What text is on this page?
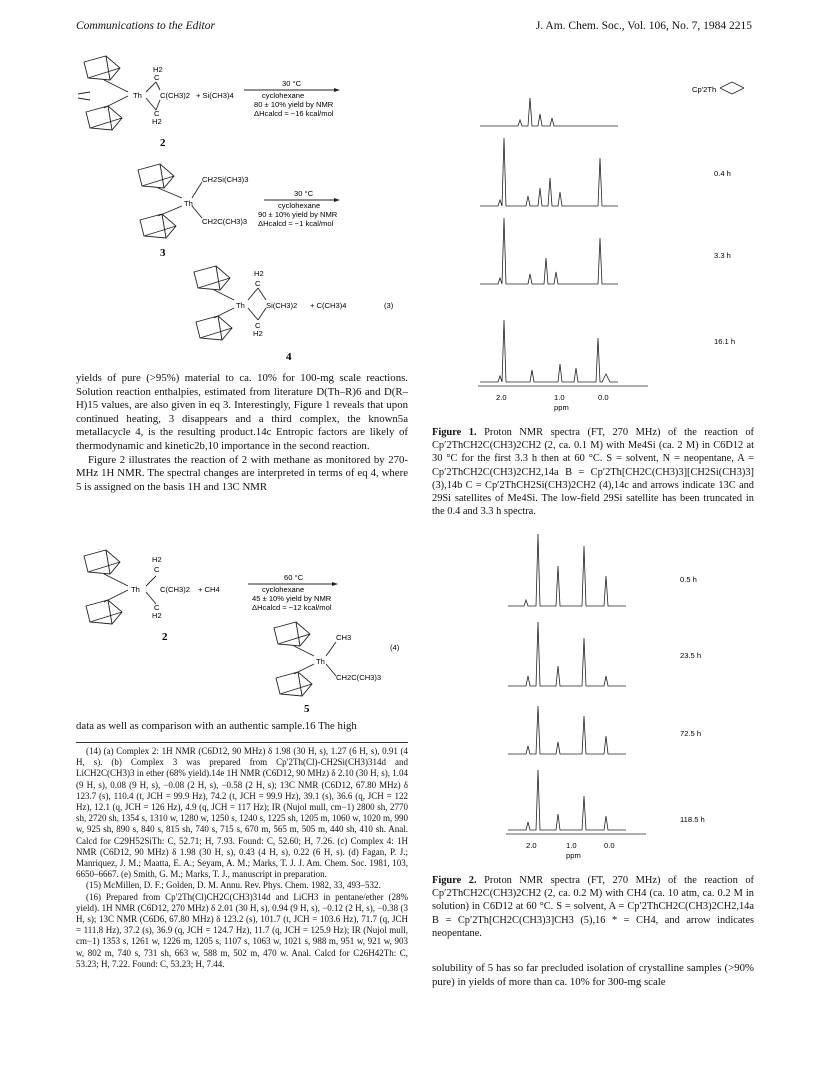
Communications to the Editor	J. Am. Chem. Soc., Vol. 106, No. 7, 1984 2215
Th
H2
C
C
H2
C(CH3)2 + Si(CH3)4
30 °C
cyclohexane
80 ± 10% yield by NMR
ΔHcalcd ≈ −16 kcal/mol
2
Th
CH2Si(CH3)3
CH2C(CH3)3
30 °C
cyclohexane
90 ± 10% yield by NMR
ΔHcalcd ≈ −1 kcal/mol
3
Th
H2
C
C
H2
Si(CH3)2 + C(CH3)4	(3)
4

yields of pure (>95%) material to ca. 10% for 100-mg scale reactions. Solution reaction enthalpies, estimated from literature D(Th–R)6 and D(R–H)15 values, are also given in eq 3. Interestingly, Figure 1 reveals that upon continued heating, 3 disappears and a third complex, the known5a metallacycle 4, is the resulting product.14c Entropic factors are likely of thermodynamic and kinetic2b,10 importance in the second reaction.

Figure 2 illustrates the reaction of 2 with methane as monitored by 270-MHz 1H NMR. The spectral changes are interpreted in terms of eq 4, where 5 is assigned on the basis 1H and 13C NMR

Th
H2
C
C
H2
C(CH3)2 + CH4
60 °C
cyclohexane
45 ± 10% yield by NMR
ΔHcalcd ≈ −12 kcal/mol
2
Th
CH3
CH2C(CH3)3
(4)
5

data as well as comparison with an authentic sample.16 The high

(14) (a) Complex 2: 1H NMR (C6D12, 90 MHz) δ 1.98 (30 H, s), 1.27 (6 H, s), 0.91 (4 H, s). (b) Complex 3 was prepared from Cp′2Th(Cl)-CH2Si(CH3)314d and LiCH2C(CH3)3 in ether (68% yield).14e 1H NMR (C6D12, 90 MHz) δ 2.10 (30 H, s), 1.04 (9 H, s), 0.08 (9 H, s), −0.08 (2 H, s), −0.58 (2 H, s); 13C NMR (C6D12, 67.80 MHz) δ 123.7 (s), 110.4 (t, JCH = 99.9 Hz), 74.2 (t, JCH = 99.9 Hz), 39.1 (s), 36.6 (q, JCH = 122 Hz), 12.1 (q, JCH = 126 Hz), 4.9 (q, JCH = 117 Hz); IR (Nujol mull, cm−1) 2800 sh, 2770 sh, 2720 sh, 1354 s, 1310 w, 1280 w, 1250 s, 1240 s, 1225 sh, 1205 m, 1060 w, 1020 m, 990 w, 925 sh, 890 s, 840 s, 815 sh, 740 s, 715 s, 670 m, 565 m, 505 m, 440 sh, 410 sh. Anal. Calcd for C29H52SiTh: C, 52.71; H, 7.93. Found: C, 52.60; H, 7.26. (c) Complex 4: 1H NMR (C6D12, 90 MHz) δ 1.98 (30 H, s), 0.43 (4 H, s), 0.22 (6 H, s). (d) Fagan, P. J.; Manriquez, J. M.; Maatta, E. A.; Seyam, A. M.; Marks, T. J. J. Am. Chem. Soc. 1981, 103, 6650–6667. (e) Smith, G. M.; Marks, T. J., manuscript in preparation.

(15) McMillen, D. F.; Golden, D. M. Annu. Rev. Phys. Chem. 1982, 33, 493–532.

(16) Prepared from Cp′2Th(Cl)CH2C(CH3)314d and LiCH3 in pentane/ether (28% yield). 1H NMR (C6D12, 270 MHz) δ 2.01 (30 H, s), 0.94 (9 H, s), −0.12 (2 H, s), −0.38 (3 H, s); 13C NMR (C6D6, 67.80 MHz) δ 123.2 (s), 101.7 (t, JCH = 103.6 Hz), 71.7 (q, JCH = 111.8 Hz), 37.2 (s), 36.9 (q, JCH = 124.7 Hz), 11.7 (q, JCH = 125.9 Hz); IR (Nujol mull, cm−1) 1353 s, 1261 w, 1226 m, 1205 s, 1107 s, 1063 w, 1021 s, 988 m, 951 w, 921 w, 903 w, 802 m, 740 s, 731 sh, 663 w, 588 m, 502 m, 470 w. Anal. Calcd for C26H42Th: C, 53.23; H, 7.22. Found: C, 53.23; H, 7.44.

Cp′2Th
0.4 h
3.3 h
16.1 h
2.0	1.0	0.0
ppm
Figure 1. Proton NMR spectra (FT, 270 MHz) of the reaction of Cp′2ThCH2C(CH3)2CH2 (2, ca. 0.1 M) with Me4Si (ca. 2 M) in C6D12 at 30 °C for the first 3.3 h then at 60 °C. S = solvent, N = neopentane, A = Cp′2ThCH2C(CH3)2CH2,14a B = Cp′2Th[CH2C(CH3)3][CH2Si(CH3)3] (3),14b C = Cp′2ThCH2Si(CH3)2CH2 (4),14c and arrows indicate 13C and 29Si satellites of Me4Si. The low-field 29Si satellite has been truncated in the 0.4 and 3.3 h spectra.
0.5 h
23.5 h
72.5 h
118.5 h
2.0	1.0	0.0
ppm
Figure 2. Proton NMR spectra (FT, 270 MHz) of the reaction of Cp′2ThCH2C(CH3)2CH2 (2, ca. 0.2 M) with CH4 (ca. 10 atm, ca. 0.2 M in solution) in C6D12 at 60 °C. S = solvent, A = Cp′2ThCH2C(CH3)2CH2,14a B = Cp′2Th[CH2C(CH3)3]CH3 (5),16 * = CH4, and arrow indicates neopentane.

solubility of 5 has so far precluded isolation of crystalline samples (>90% pure) in yields of more than ca. 10% for 300-mg scale
